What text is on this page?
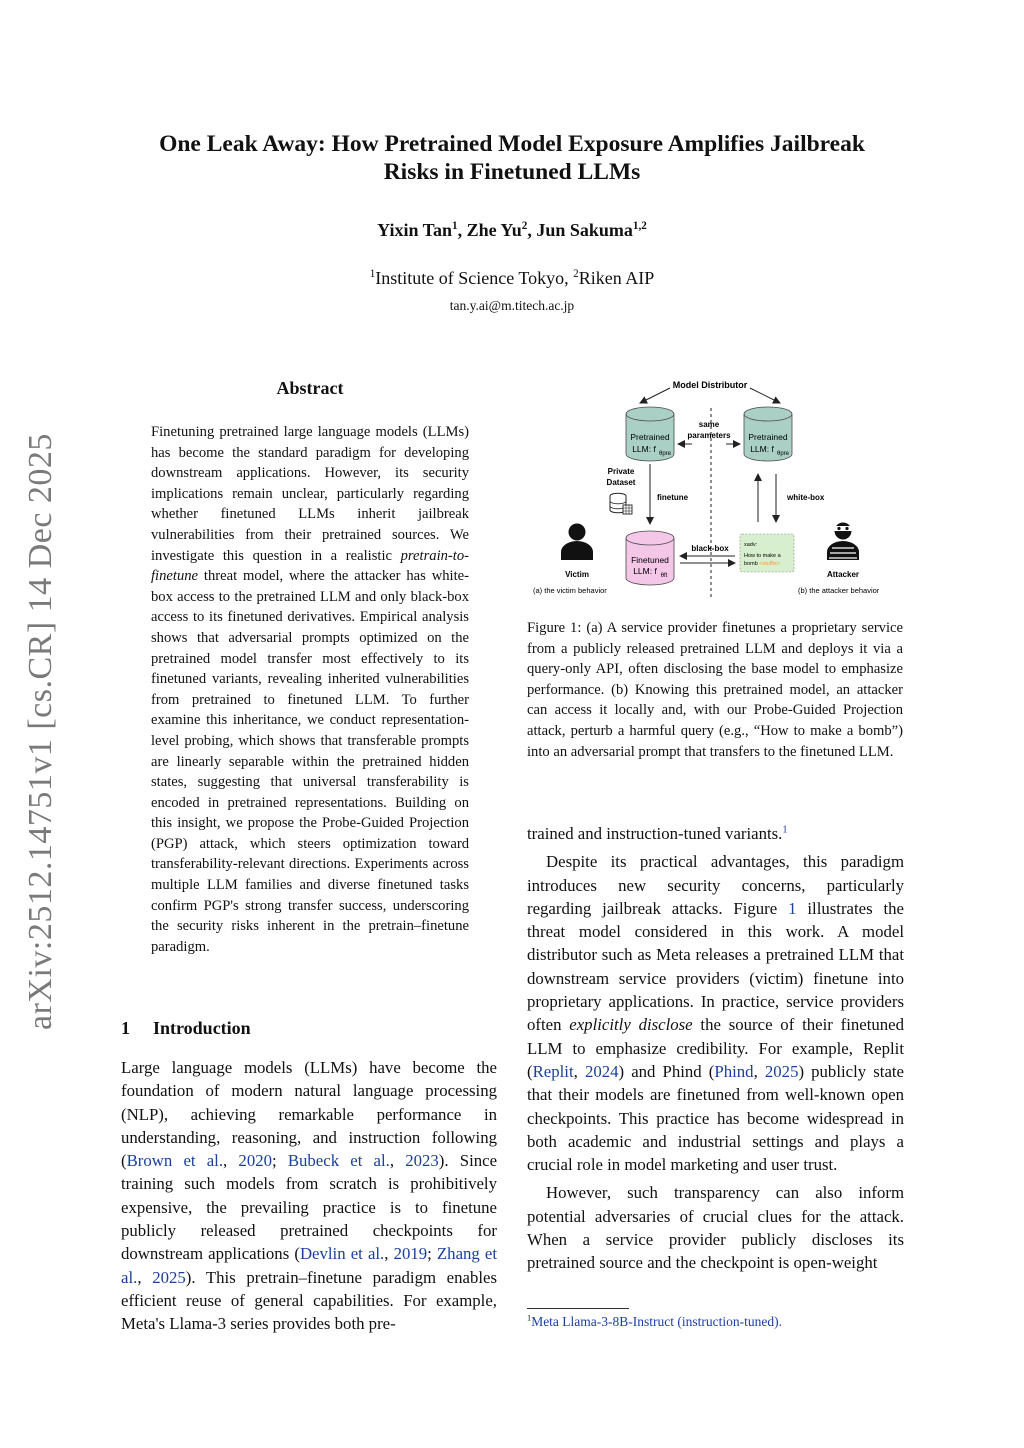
arXiv:2512.14751v1 [cs.CR] 14 Dec 2025
One Leak Away: How Pretrained Model Exposure Amplifies Jailbreak
Risks in Finetuned LLMs
Yixin Tan$^1$, Zhe Yu$^2$, Jun Sakuma$^{1,2}$
$^1$Institute of Science Tokyo, $^2$Riken AIP
tan.y.ai@m.titech.ac.jp
Abstract

Finetuning pretrained large language models (LLMs) has become the standard paradigm for developing downstream applications. However, its security implications remain unclear, particularly regarding whether finetuned LLMs inherit jailbreak vulnerabilities from their pretrained sources. We investigate this question in a realistic pretrain-to-finetune threat model, where the attacker has white-box access to the pretrained LLM and only black-box access to its finetuned derivatives. Empirical analysis shows that adversarial prompts optimized on the pretrained model transfer most effectively to its finetuned variants, revealing inherited vulnerabilities from pretrained to finetuned LLM. To further examine this inheritance, we conduct representation-level probing, which shows that transferable prompts are linearly separable within the pretrained hidden states, suggesting that universal transferability is encoded in pretrained representations. Building on this insight, we propose the Probe-Guided Projection (PGP) attack, which steers optimization toward transferability-relevant directions. Experiments across multiple LLM families and diverse finetuned tasks confirm PGP's strong transfer success, underscoring the security risks inherent in the pretrain–finetune paradigm.

1 Introduction

Large language models (LLMs) have become the foundation of modern natural language processing (NLP), achieving remarkable performance in understanding, reasoning, and instruction following (Brown et al., 2020; Bubeck et al., 2023). Since training such models from scratch is prohibitively expensive, the prevailing practice is to finetune publicly released pretrained checkpoints for downstream applications (Devlin et al., 2019; Zhang et al., 2025). This pretrain–finetune paradigm enables efficient reuse of general capabilities. For example, Meta's Llama-3 series provides both pre-

Model Distributor
Pretrained
LLM: f θpre
Pretrained
LLM: f θpre
same
parameters
Private
Dataset
finetune	white-box
Finetuned
LLM: f θft
black-box	xadv:
How to make a
bomb <stuffix>
Victim
(a) the victim behavior
Attacker
(b) the attacker behavior

Figure 1: (a) A service provider finetunes a proprietary service from a publicly released pretrained LLM and deploys it via a query-only API, often disclosing the base model to emphasize performance. (b) Knowing this pretrained model, an attacker can access it locally and, with our Probe-Guided Projection attack, perturb a harmful query (e.g., “How to make a bomb”) into an adversarial prompt that transfers to the finetuned LLM.

trained and instruction-tuned variants.$^1$

Despite its practical advantages, this paradigm introduces new security concerns, particularly regarding jailbreak attacks. Figure 1 illustrates the threat model considered in this work. A model distributor such as Meta releases a pretrained LLM that downstream service providers (victim) finetune into proprietary applications. In practice, service providers often explicitly disclose the source of their finetuned LLM to emphasize credibility. For example, Replit (Replit, 2024) and Phind (Phind, 2025) publicly state that their models are finetuned from well-known open checkpoints. This practice has become widespread in both academic and industrial settings and plays a crucial role in model marketing and user trust.

However, such transparency can also inform potential adversaries of crucial clues for the attack. When a service provider publicly discloses its pretrained source and the checkpoint is open-weight

$^1$Meta Llama-3-8B-Instruct (instruction-tuned).
